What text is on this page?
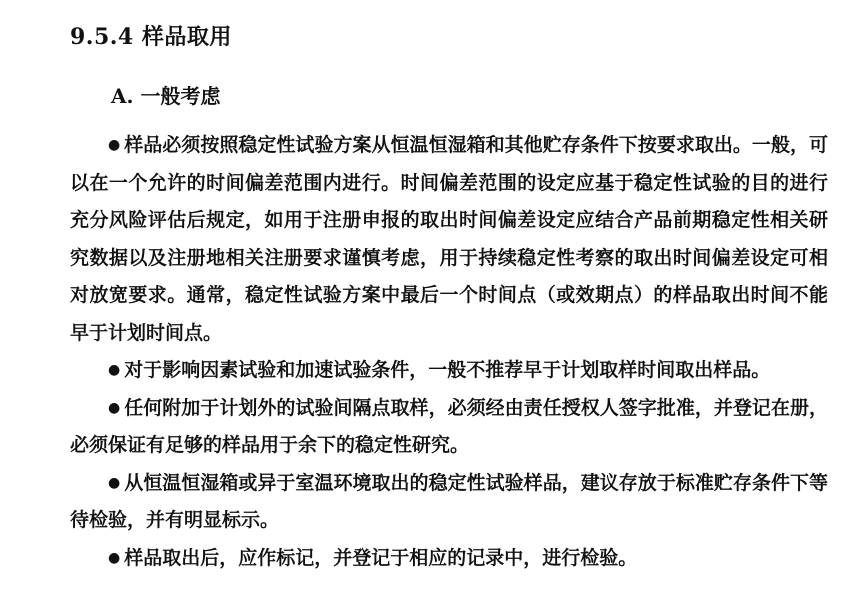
9.5.4 样品取用
A. 一般考虑

● 样品必须按照稳定性试验方案从恒温恒湿箱和其他贮存条件下按要求取出。一般，可以在一个允许的时间偏差范围内进行。时间偏差范围的设定应基于稳定性试验的目的进行充分风险评估后规定，如用于注册申报的取出时间偏差设定应结合产品前期稳定性相关研究数据以及注册地相关注册要求谨慎考虑，用于持续稳定性考察的取出时间偏差设定可相对放宽要求。通常，稳定性试验方案中最后一个时间点（或效期点）的样品取出时间不能早于计划时间点。

● 对于影响因素试验和加速试验条件，一般不推荐早于计划取样时间取出样品。

● 任何附加于计划外的试验间隔点取样，必须经由责任授权人签字批准，并登记在册，必须保证有足够的样品用于余下的稳定性研究。

● 从恒温恒湿箱或异于室温环境取出的稳定性试验样品，建议存放于标准贮存条件下等待检验，并有明显标示。

● 样品取出后，应作标记，并登记于相应的记录中，进行检验。
